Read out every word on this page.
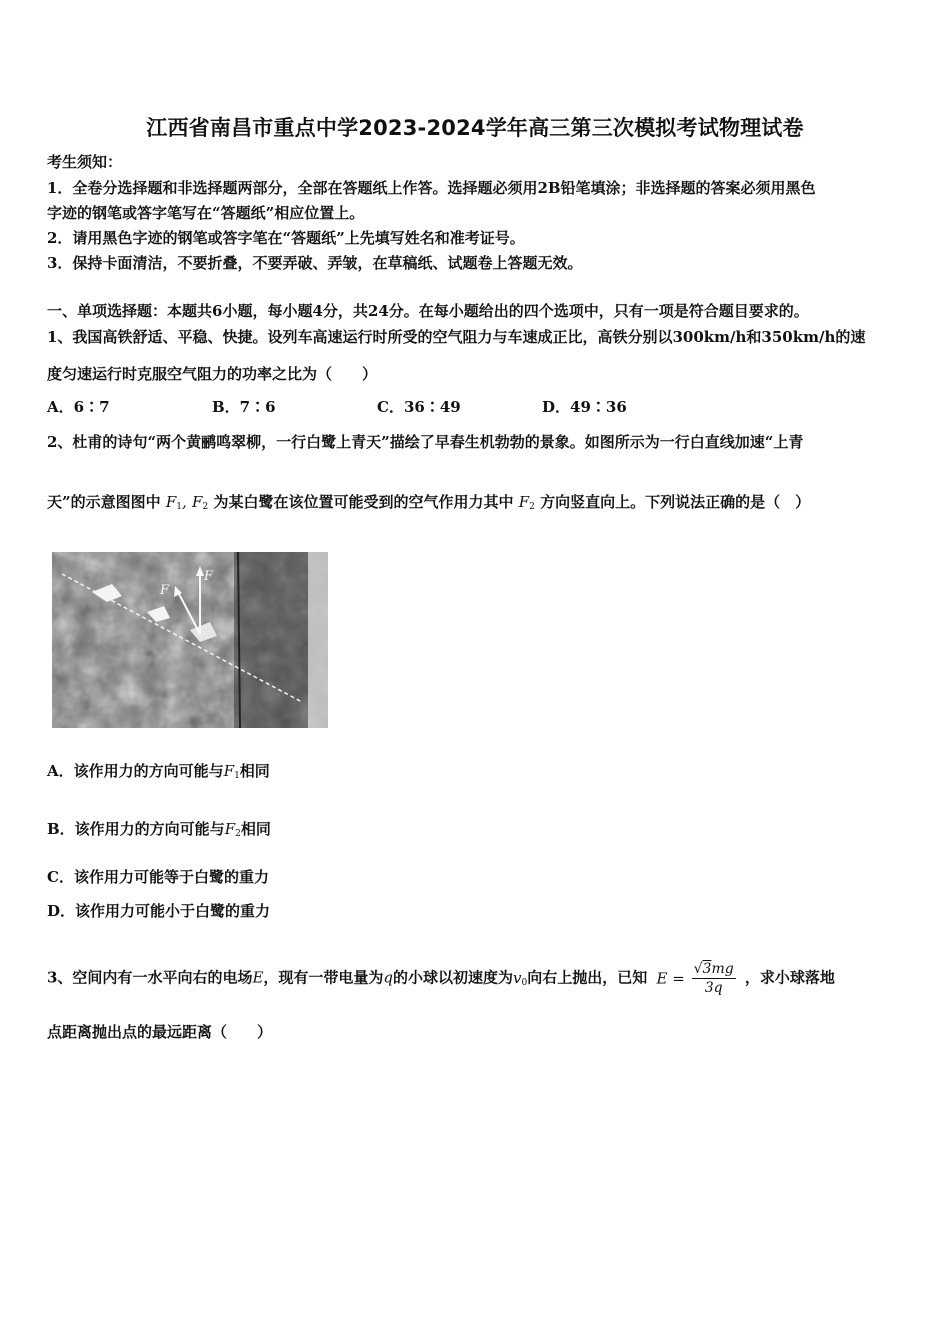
江西省南昌市重点中学2023-2024学年高三第三次模拟考试物理试卷
考生须知：
1．全卷分选择题和非选择题两部分，全部在答题纸上作答。选择题必须用2B铅笔填涂；非选择题的答案必须用黑色
字迹的钢笔或答字笔写在“答题纸”相应位置上。
2．请用黑色字迹的钢笔或答字笔在“答题纸”上先填写姓名和准考证号。
3．保持卡面清洁，不要折叠，不要弄破、弄皱，在草稿纸、试题卷上答题无效。
一、单项选择题：本题共6小题，每小题4分，共24分。在每小题给出的四个选项中，只有一项是符合题目要求的。
1、我国高铁舒适、平稳、快捷。设列车高速运行时所受的空气阻力与车速成正比，高铁分别以300km/h和350km/h的速
度匀速运行时克服空气阻力的功率之比为（　　）
A．6∶7	B．7∶6	C．36∶49	D．49∶36
2、杜甫的诗句“两个黄鹂鸣翠柳，一行白鹭上青天”描绘了早春生机勃勃的景象。如图所示为一行白直线加速“上青
天”的示意图图中 $F_1$, $F_2$ 为某白鹭在该位置可能受到的空气作用力其中 $F_2$ 方向竖直向上。下列说法正确的是（　）
F
F
A．该作用力的方向可能与$F_1$相同
B．该作用力的方向可能与$F_2$相同
C．该作用力可能等于白鹭的重力
D．该作用力可能小于白鹭的重力
3、空间内有一水平向右的电场E，现有一带电量为q的小球以初速度为$v_0$向右上抛出，已知 $E = \frac{√3mg}{3q}$ ，求小球落地
点距离抛出点的最远距离（　　）
